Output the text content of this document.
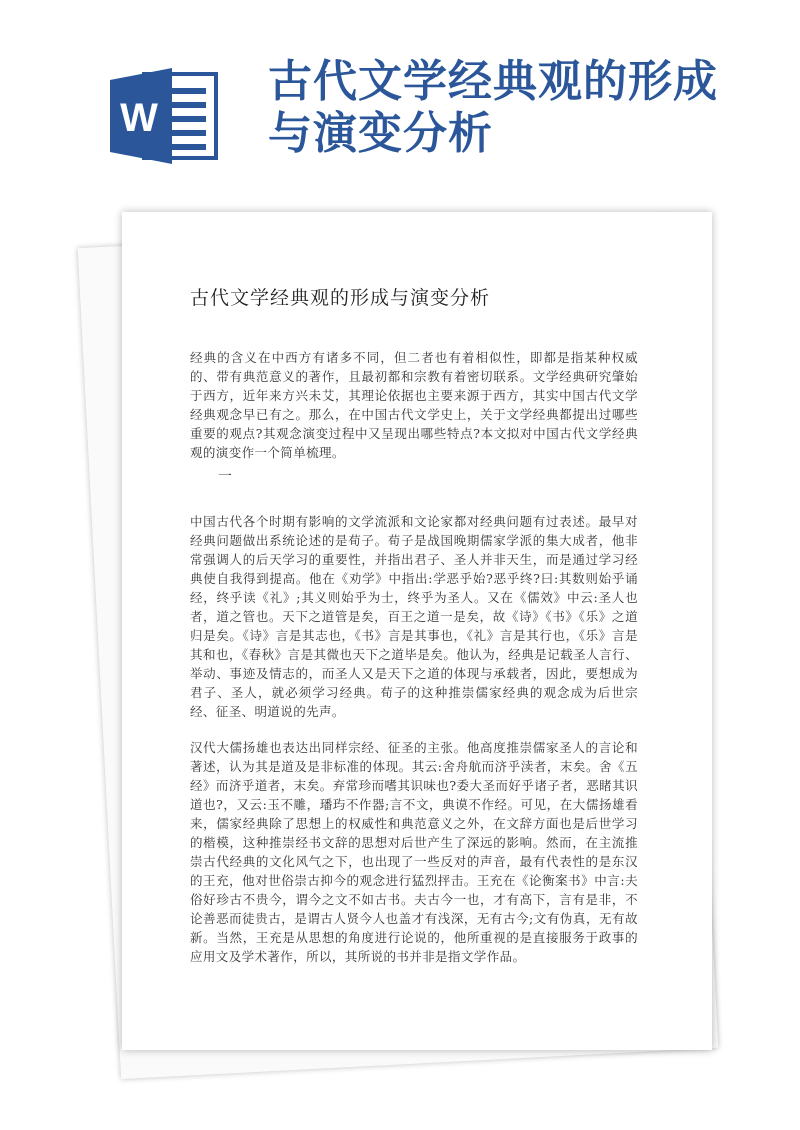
W
古代文学经典观的形成
与演变分析
古代文学经典观的形成与演变分析
经典的含义在中西方有诸多不同，但二者也有着相似性，即都是指某种权威的、带有典范意义的著作，且最初都和宗教有着密切联系。文学经典研究肇始于西方，近年来方兴未艾，其理论依据也主要来源于西方，其实中国古代文学经典观念早已有之。那么，在中国古代文学史上，关于文学经典都提出过哪些重要的观点?其观念演变过程中又呈现出哪些特点?本文拟对中国古代文学经典观的演变作一个简单梳理。
一
中国古代各个时期有影响的文学流派和文论家都对经典问题有过表述。最早对经典问题做出系统论述的是荀子。荀子是战国晚期儒家学派的集大成者，他非常强调人的后天学习的重要性，并指出君子、圣人并非天生，而是通过学习经典使自我得到提高。他在《劝学》中指出:学恶乎始?恶乎终?曰:其数则始乎诵经，终乎读《礼》;其义则始乎为士，终乎为圣人。又在《儒效》中云:圣人也者，道之管也。天下之道管是矣，百王之道一是矣，故《诗》《书》《乐》之道归是矣。《诗》言是其志也，《书》言是其事也，《礼》言是其行也，《乐》言是其和也，《春秋》言是其微也天下之道毕是矣。他认为，经典是记载圣人言行、举动、事迹及情志的，而圣人又是天下之道的体现与承载者，因此，要想成为君子、圣人，就必须学习经典。荀子的这种推崇儒家经典的观念成为后世宗经、征圣、明道说的先声。
汉代大儒扬雄也表达出同样宗经、征圣的主张。他高度推崇儒家圣人的言论和著述，认为其是道及是非标准的体现。其云:舍舟航而济乎渎者，末矣。舍《五经》而济乎道者，末矣。弃常珍而嗜其识味也?委大圣而好乎诸子者，恶睹其识道也?，又云:玉不雕，璠玙不作器;言不文，典谟不作经。可见，在大儒扬雄看来，儒家经典除了思想上的权威性和典范意义之外，在文辞方面也是后世学习的楷模，这种推崇经书文辞的思想对后世产生了深远的影响。然而，在主流推崇古代经典的文化风气之下，也出现了一些反对的声音，最有代表性的是东汉的王充，他对世俗崇古抑今的观念进行猛烈抨击。王充在《论衡案书》中言:夫俗好珍古不贵今，谓今之文不如古书。夫古今一也，才有高下，言有是非，不论善恶而徒贵古，是谓古人贤今人也盖才有浅深，无有古今;文有伪真，无有故新。当然，王充是从思想的角度进行论说的，他所重视的是直接服务于政事的应用文及学术著作，所以，其所说的书并非是指文学作品。
